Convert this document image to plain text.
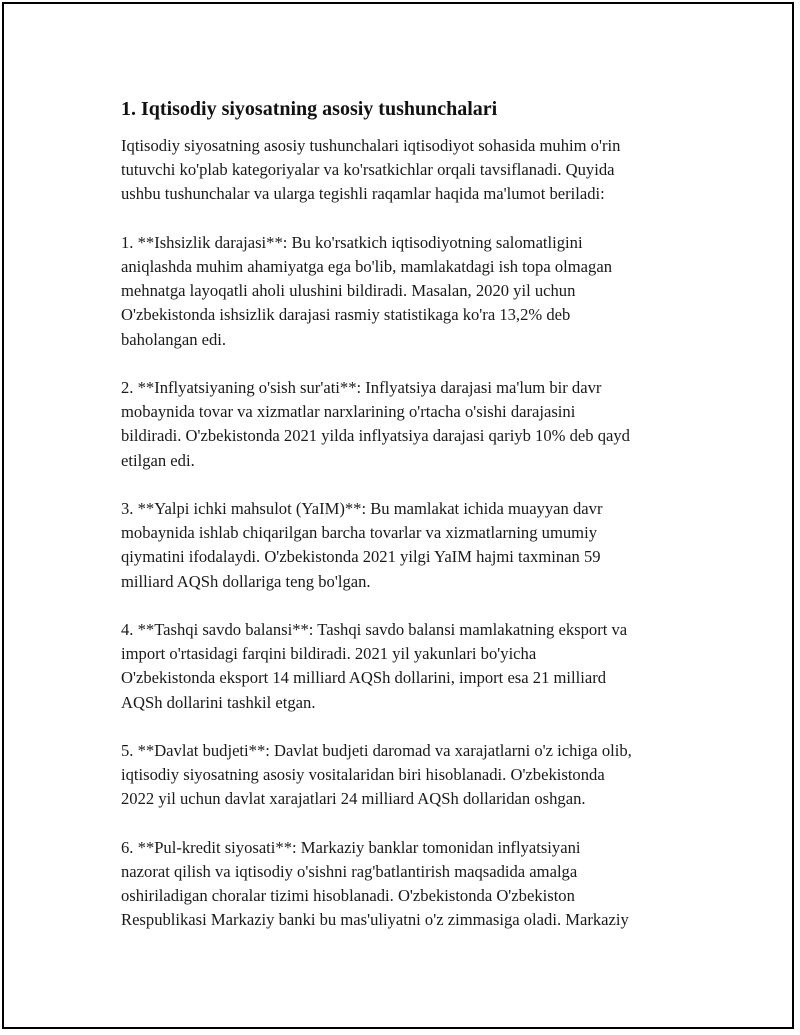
1. Iqtisodiy siyosatning asosiy tushunchalari

Iqtisodiy siyosatning asosiy tushunchalari iqtisodiyot sohasida muhim o'rin
tutuvchi ko'plab kategoriyalar va ko'rsatkichlar orqali tavsiflanadi. Quyida
ushbu tushunchalar va ularga tegishli raqamlar haqida ma'lumot beriladi:

1. **Ishsizlik darajasi**: Bu ko'rsatkich iqtisodiyotning salomatligini
aniqlashda muhim ahamiyatga ega bo'lib, mamlakatdagi ish topa olmagan
mehnatga layoqatli aholi ulushini bildiradi. Masalan, 2020 yil uchun
O'zbekistonda ishsizlik darajasi rasmiy statistikaga ko'ra 13,2% deb
baholangan edi.

2. **Inflyatsiyaning o'sish sur'ati**: Inflyatsiya darajasi ma'lum bir davr
mobaynida tovar va xizmatlar narxlarining o'rtacha o'sishi darajasini
bildiradi. O'zbekistonda 2021 yilda inflyatsiya darajasi qariyb 10% deb qayd
etilgan edi.

3. **Yalpi ichki mahsulot (YaIM)**: Bu mamlakat ichida muayyan davr
mobaynida ishlab chiqarilgan barcha tovarlar va xizmatlarning umumiy
qiymatini ifodalaydi. O'zbekistonda 2021 yilgi YaIM hajmi taxminan 59
milliard AQSh dollariga teng bo'lgan.

4. **Tashqi savdo balansi**: Tashqi savdo balansi mamlakatning eksport va
import o'rtasidagi farqini bildiradi. 2021 yil yakunlari bo'yicha
O'zbekistonda eksport 14 milliard AQSh dollarini, import esa 21 milliard
AQSh dollarini tashkil etgan.

5. **Davlat budjeti**: Davlat budjeti daromad va xarajatlarni o'z ichiga olib,
iqtisodiy siyosatning asosiy vositalaridan biri hisoblanadi. O'zbekistonda
2022 yil uchun davlat xarajatlari 24 milliard AQSh dollaridan oshgan.

6. **Pul-kredit siyosati**: Markaziy banklar tomonidan inflyatsiyani
nazorat qilish va iqtisodiy o'sishni rag'batlantirish maqsadida amalga
oshiriladigan choralar tizimi hisoblanadi. O'zbekistonda O'zbekiston
Respublikasi Markaziy banki bu mas'uliyatni o'z zimmasiga oladi. Markaziy
